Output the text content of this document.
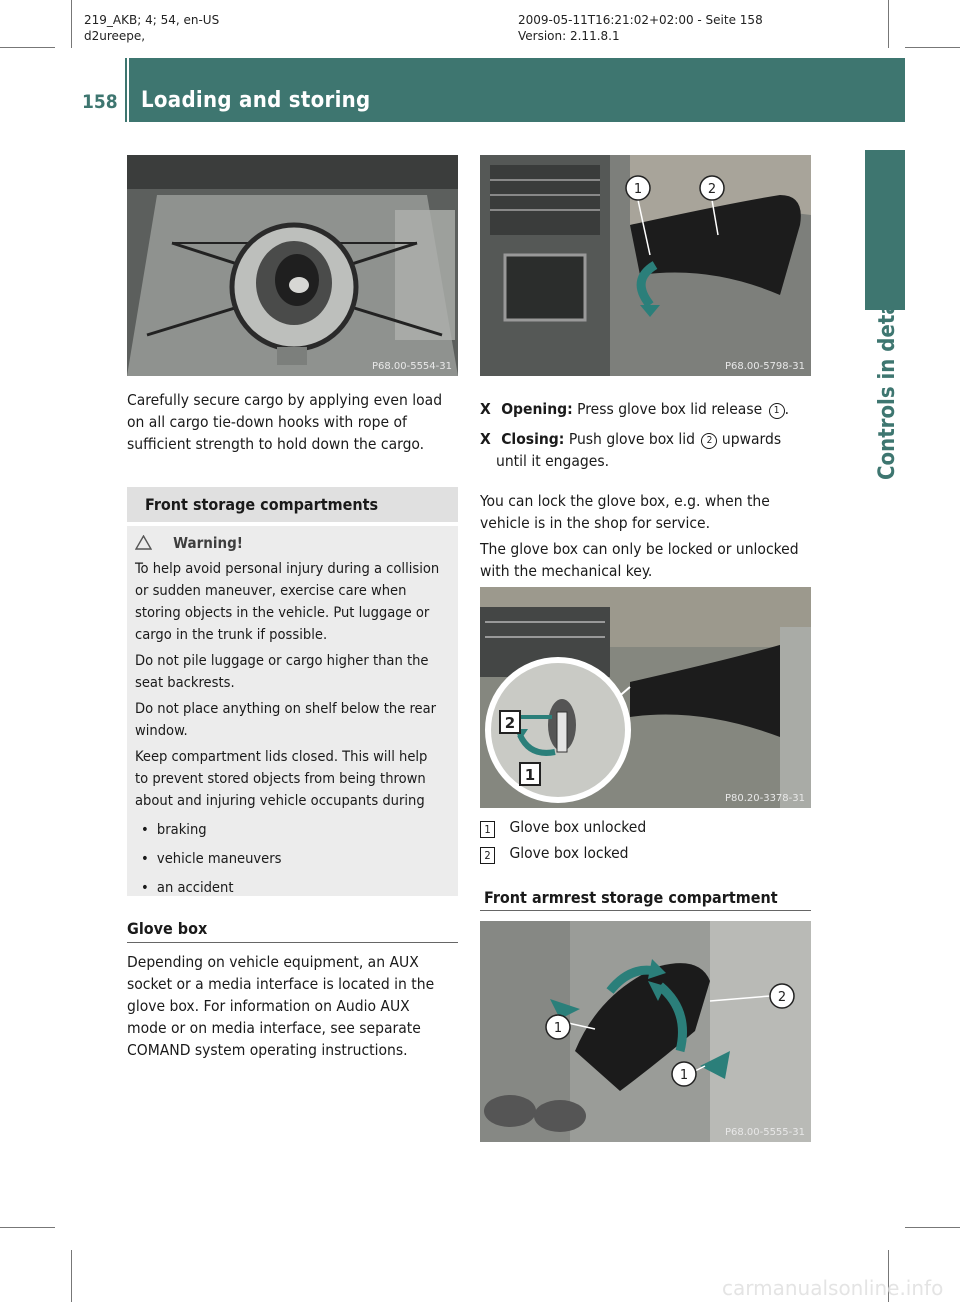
219_AKB; 4; 54, en-US
d2ureepe,
2009-05-11T16:21:02+02:00 - Seite 158
Version: 2.11.8.1
158 Loading and storing
Controls in detail
P68.00-5554-31
Carefully secure cargo by applying even load
on all cargo tie-down hooks with rope of
sufficient strength to hold down the cargo.
Front storage compartments
Warning!
To help avoid personal injury during a collision
or sudden maneuver, exercise care when
storing objects in the vehicle. Put luggage or
cargo in the trunk if possible.
Do not pile luggage or cargo higher than the
seat backrests.
Do not place anything on shelf below the rear
window.
Keep compartment lids closed. This will help
to prevent stored objects from being thrown
about and injuring vehicle occupants during
• braking
• vehicle maneuvers
• an accident
Glove box
Depending on vehicle equipment, an AUX
socket or a media interface is located in the
glove box. For information on Audio AUX
mode or on media interface, see separate
COMAND system operating instructions.
1	2
P68.00-5798-31
X Opening: Press glove box lid release 1 .
X Closing: Push glove box lid 2 upwards
until it engages.
You can lock the glove box, e.g. when the
vehicle is in the shop for service.
The glove box can only be locked or unlocked
with the mechanical key.
2
1
P80.20-3378-31
1 Glove box unlocked
2 Glove box locked
Front armrest storage compartment
1
2
1
P68.00-5555-31
carmanualsonline.info
